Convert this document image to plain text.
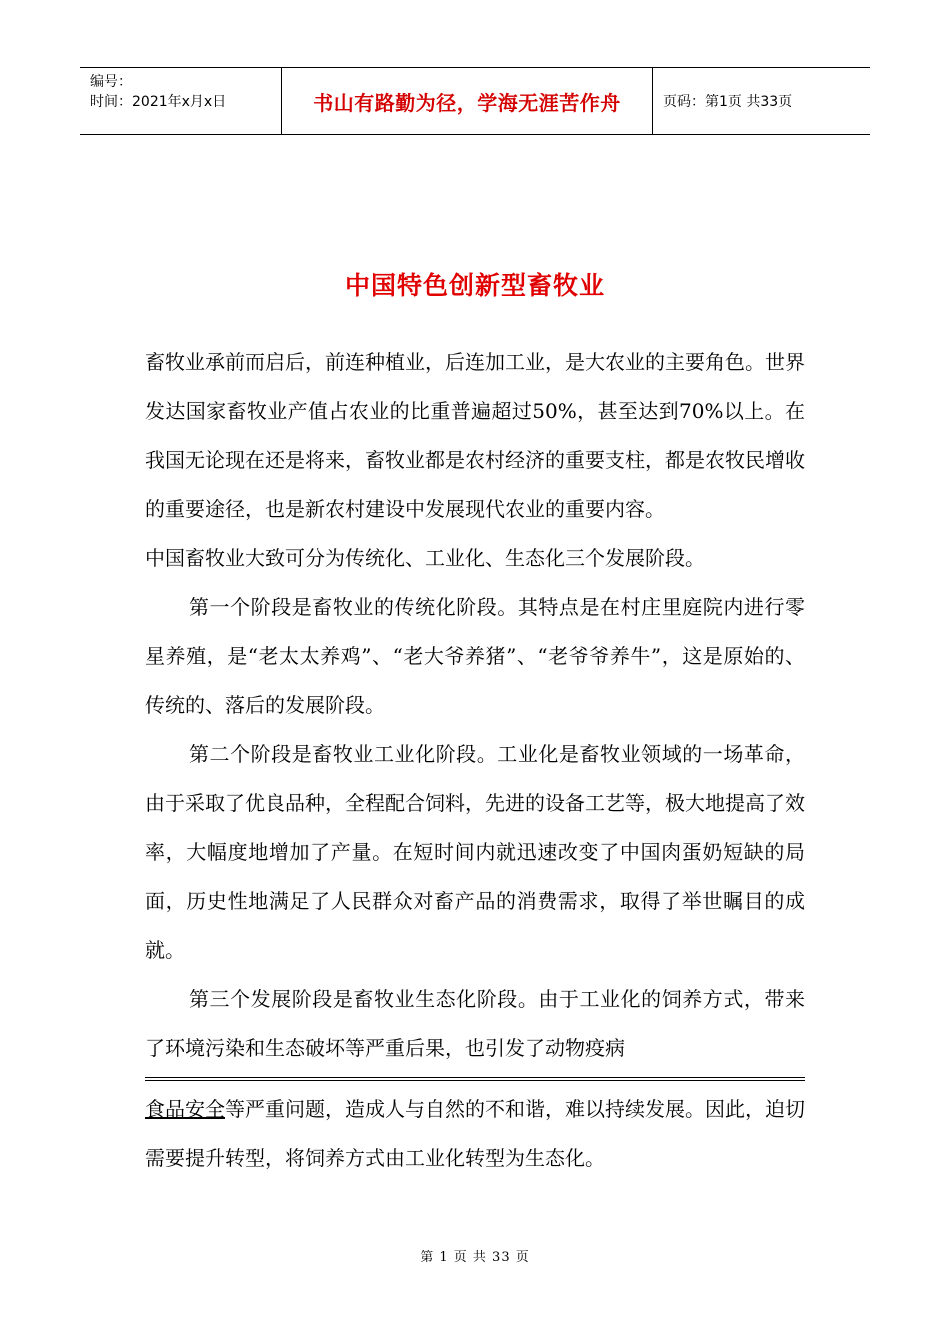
编号：
时间：2021年x月x日	书山有路勤为径，学海无涯苦作舟	页码：第1页 共33页
中国特色创新型畜牧业

畜牧业承前而启后，前连种植业，后连加工业，是大农业的主要角色。世界发达国家畜牧业产值占农业的比重普遍超过50%，甚至达到70%以上。在我国无论现在还是将来，畜牧业都是农村经济的重要支柱，都是农牧民增收的重要途径，也是新农村建设中发展现代农业的重要内容。

中国畜牧业大致可分为传统化、工业化、生态化三个发展阶段。

第一个阶段是畜牧业的传统化阶段。其特点是在村庄里庭院内进行零星养殖，是“老太太养鸡”、“老大爷养猪”、“老爷爷养牛”，这是原始的、传统的、落后的发展阶段。

第二个阶段是畜牧业工业化阶段。工业化是畜牧业领域的一场革命，由于采取了优良品种，全程配合饲料，先进的设备工艺等，极大地提高了效率，大幅度地增加了产量。在短时间内就迅速改变了中国肉蛋奶短缺的局面，历史性地满足了人民群众对畜产品的消费需求，取得了举世瞩目的成就。

第三个发展阶段是畜牧业生态化阶段。由于工业化的饲养方式，带来了环境污染和生态破坏等严重后果，也引发了动物疫病

食品安全等严重问题，造成人与自然的不和谐，难以持续发展。因此，迫切需要提升转型，将饲养方式由工业化转型为生态化。

第 1 页 共 33 页
